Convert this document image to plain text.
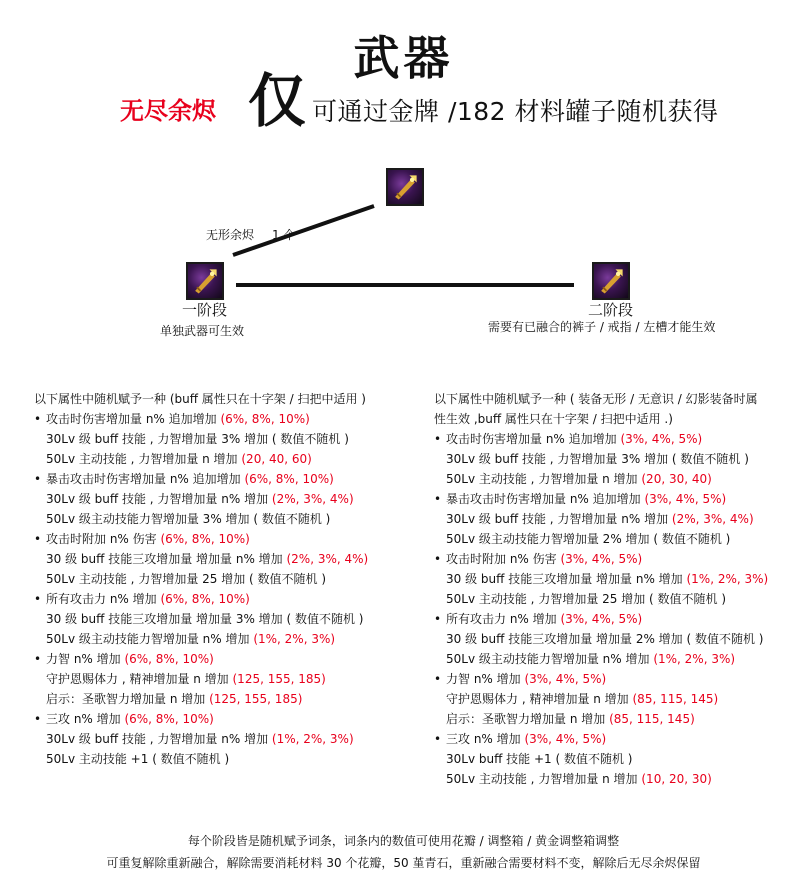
武器
无尽余烬 仅 可通过金牌 /182 材料罐子随机获得
无形余烬 1 个
一阶段
单独武器可生效
二阶段
需要有已融合的裤子 / 戒指 / 左槽才能生效
以下属性中随机赋予一种 (buff 属性只在十字架 / 扫把中适用 )
• 攻击时伤害增加量 n% 追加增加 (6%, 8%, 10%)
30Lv 级 buff 技能 , 力智增加量 3% 增加 ( 数值不随机 )
50Lv 主动技能 , 力智增加量 n 增加 (20, 40, 60)
• 暴击攻击时伤害增加量 n% 追加增加 (6%, 8%, 10%)
30Lv 级 buff 技能 , 力智增加量 n% 增加 (2%, 3%, 4%)
50Lv 级主动技能力智增加量 3% 增加 ( 数值不随机 )
• 攻击时附加 n% 伤害 (6%, 8%, 10%)
30 级 buff 技能三攻增加量 增加量 n% 增加 (2%, 3%, 4%)
50Lv 主动技能 , 力智增加量 25 增加 ( 数值不随机 )
• 所有攻击力 n% 增加 (6%, 8%, 10%)
30 级 buff 技能三攻增加量 增加量 3% 增加 ( 数值不随机 )
50Lv 级主动技能力智增加量 n% 增加 (1%, 2%, 3%)
• 力智 n% 增加 (6%, 8%, 10%)
守护恩赐体力 , 精神增加量 n 增加 (125, 155, 185)
启示：圣歌智力增加量 n 增加 (125, 155, 185)
• 三攻 n% 增加 (6%, 8%, 10%)
30Lv 级 buff 技能 , 力智增加量 n% 增加 (1%, 2%, 3%)
50Lv 主动技能 +1 ( 数值不随机 )
以下属性中随机赋予一种 ( 装备无形 / 无意识 / 幻影装备时属
性生效 ,buff 属性只在十字架 / 扫把中适用 .)
• 攻击时伤害增加量 n% 追加增加 (3%, 4%, 5%)
30Lv 级 buff 技能 , 力智增加量 3% 增加 ( 数值不随机 )
50Lv 主动技能 , 力智增加量 n 增加 (20, 30, 40)
• 暴击攻击时伤害增加量 n% 追加增加 (3%, 4%, 5%)
30Lv 级 buff 技能 , 力智增加量 n% 增加 (2%, 3%, 4%)
50Lv 级主动技能力智增加量 2% 增加 ( 数值不随机 )
• 攻击时附加 n% 伤害 (3%, 4%, 5%)
30 级 buff 技能三攻增加量 增加量 n% 增加 (1%, 2%, 3%)
50Lv 主动技能 , 力智增加量 25 增加 ( 数值不随机 )
• 所有攻击力 n% 增加 (3%, 4%, 5%)
30 级 buff 技能三攻增加量 增加量 2% 增加 ( 数值不随机 )
50Lv 级主动技能力智增加量 n% 增加 (1%, 2%, 3%)
• 力智 n% 增加 (3%, 4%, 5%)
守护恩赐体力 , 精神增加量 n 增加 (85, 115, 145)
启示：圣歌智力增加量 n 增加 (85, 115, 145)
• 三攻 n% 增加 (3%, 4%, 5%)
30Lv buff 技能 +1 ( 数值不随机 )
50Lv 主动技能 , 力智增加量 n 增加 (10, 20, 30)
每个阶段皆是随机赋予词条，词条内的数值可使用花瓣 / 调整箱 / 黄金调整箱调整
可重复解除重新融合，解除需要消耗材料 30 个花瓣，50 堇青石，重新融合需要材料不变，解除后无尽余烬保留
